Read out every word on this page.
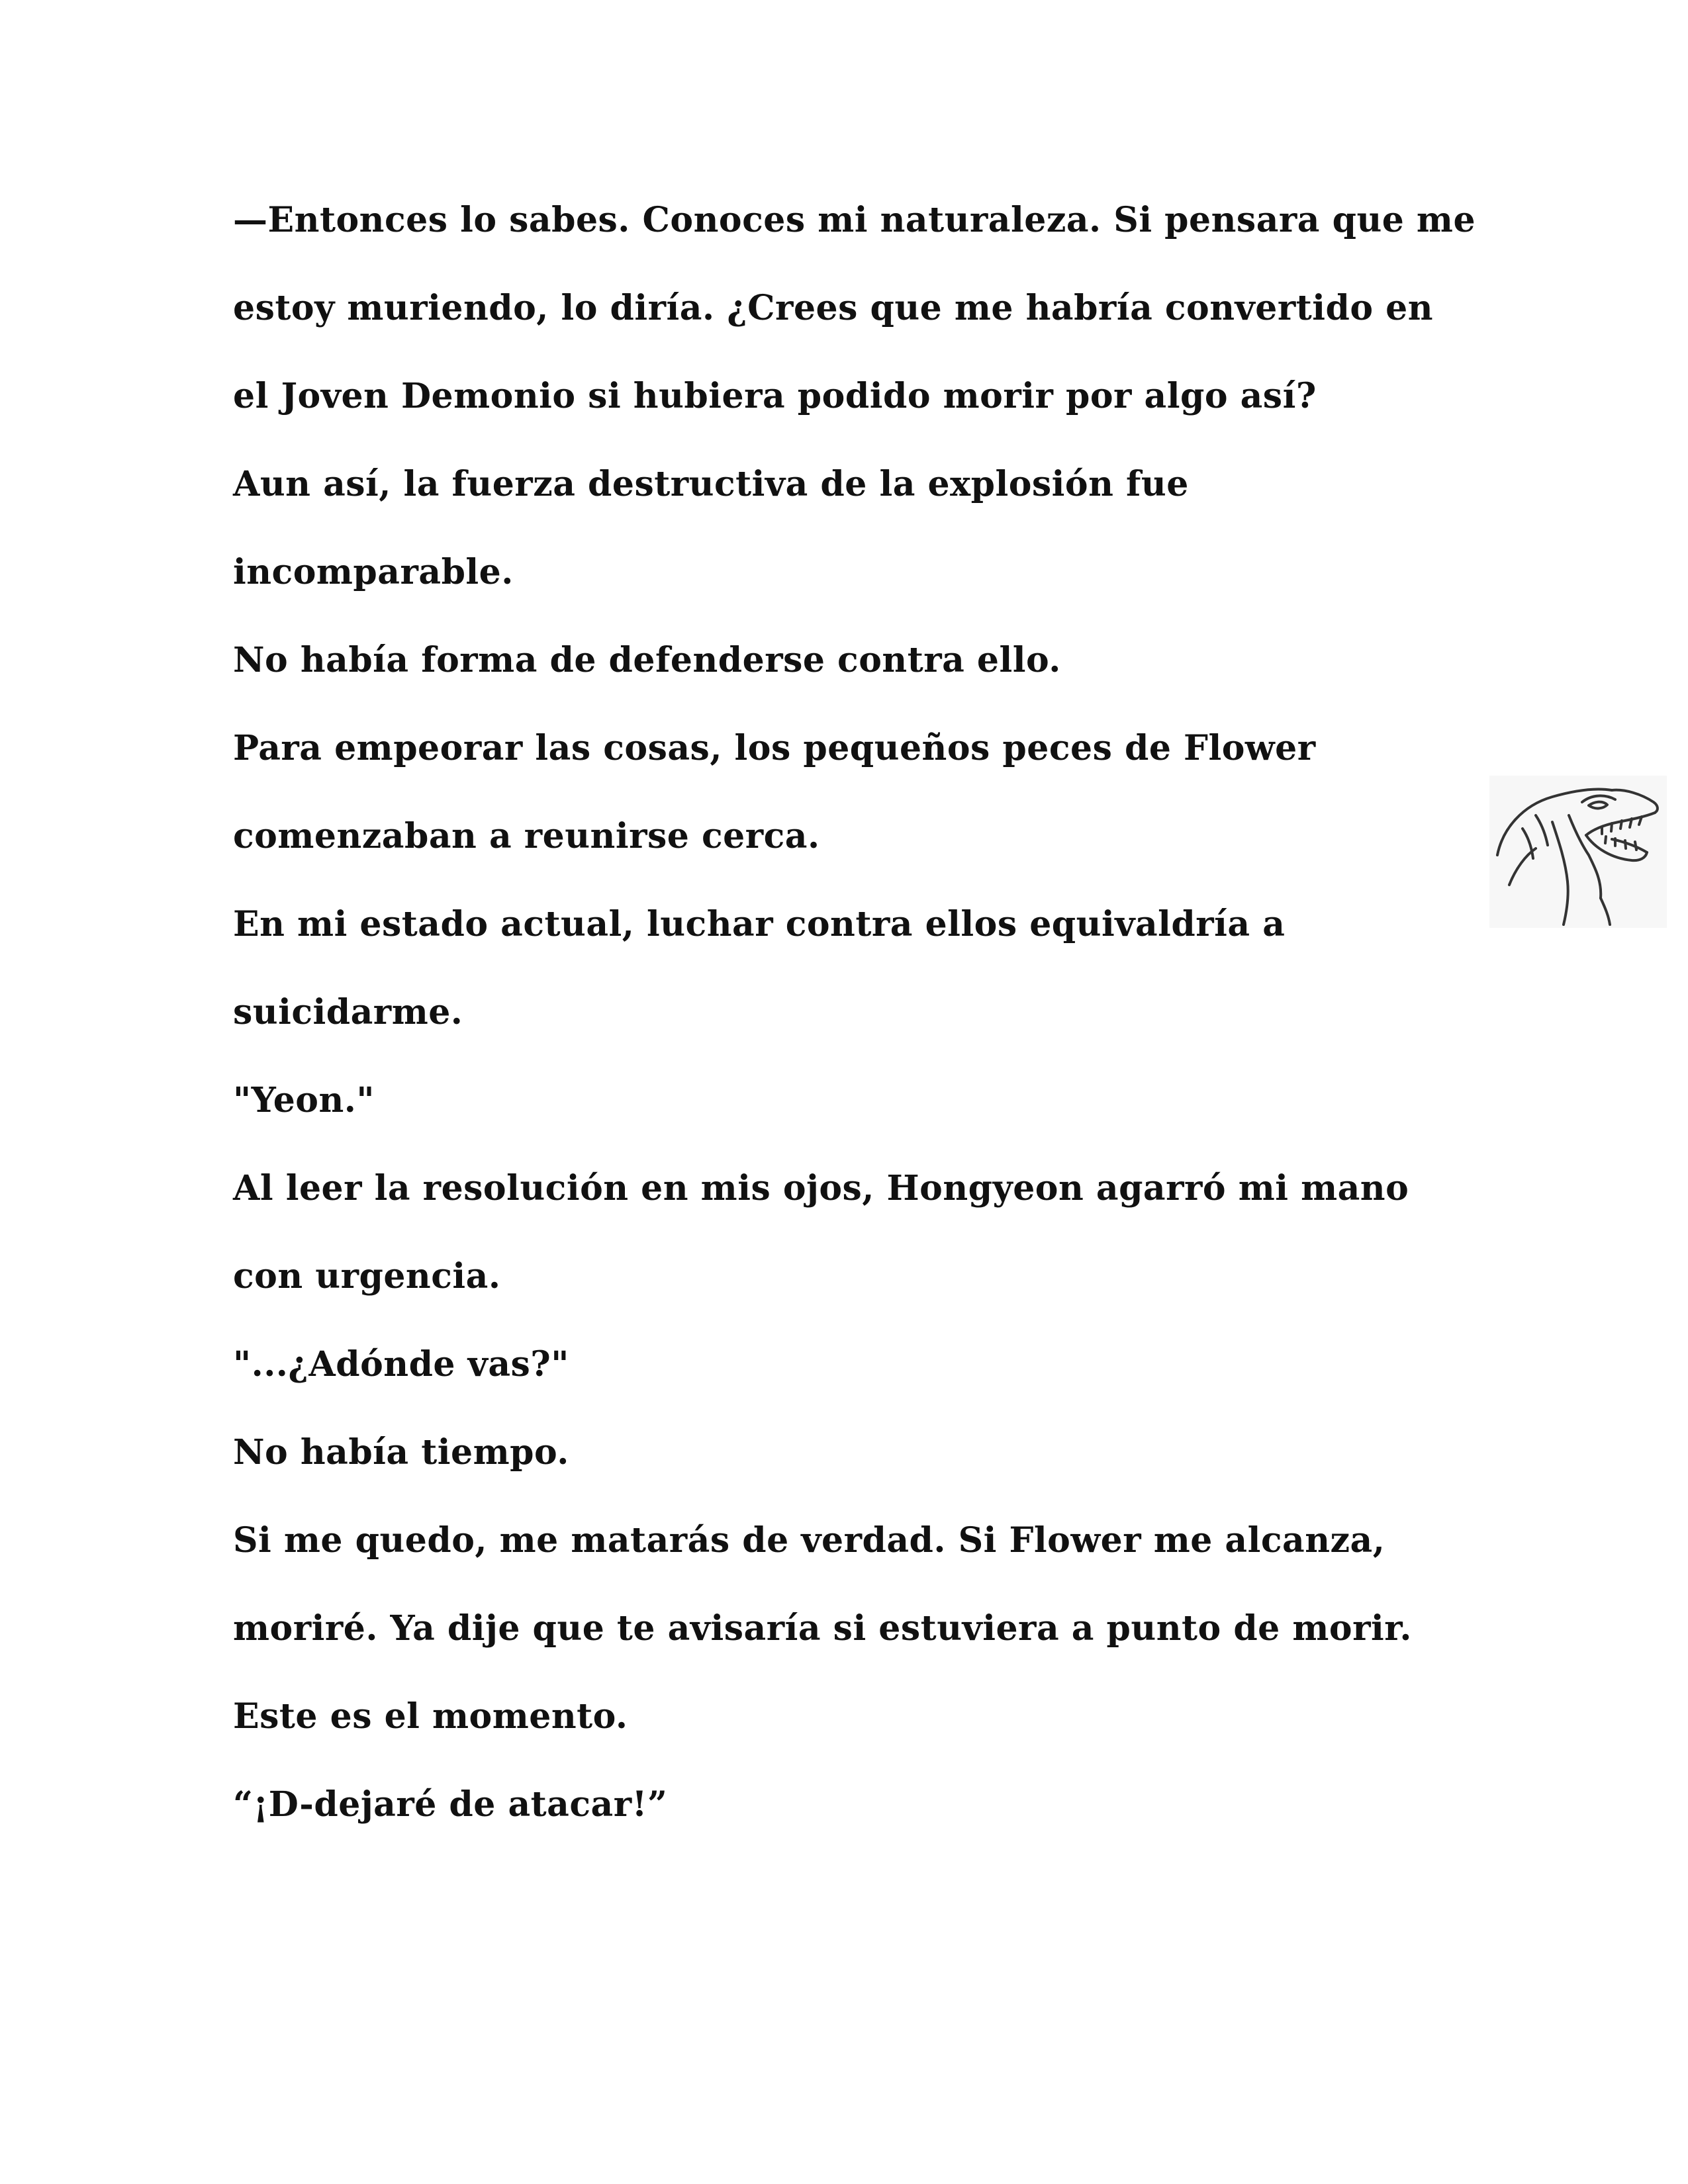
—Entonces lo sabes. Conoces mi naturaleza. Si pensara que me
estoy muriendo, lo diría. ¿Crees que me habría convertido en
el Joven Demonio si hubiera podido morir por algo así?
Aun así, la fuerza destructiva de la explosión fue
incomparable.
No había forma de defenderse contra ello.
Para empeorar las cosas, los pequeños peces de Flower
comenzaban a reunirse cerca.
En mi estado actual, luchar contra ellos equivaldría a
suicidarme.
"Yeon."
Al leer la resolución en mis ojos, Hongyeon agarró mi mano
con urgencia.
"...¿Adónde vas?"
No había tiempo.
Si me quedo, me matarás de verdad. Si Flower me alcanza,
moriré. Ya dije que te avisaría si estuviera a punto de morir.
Este es el momento.
“¡D-dejaré de atacar!”
